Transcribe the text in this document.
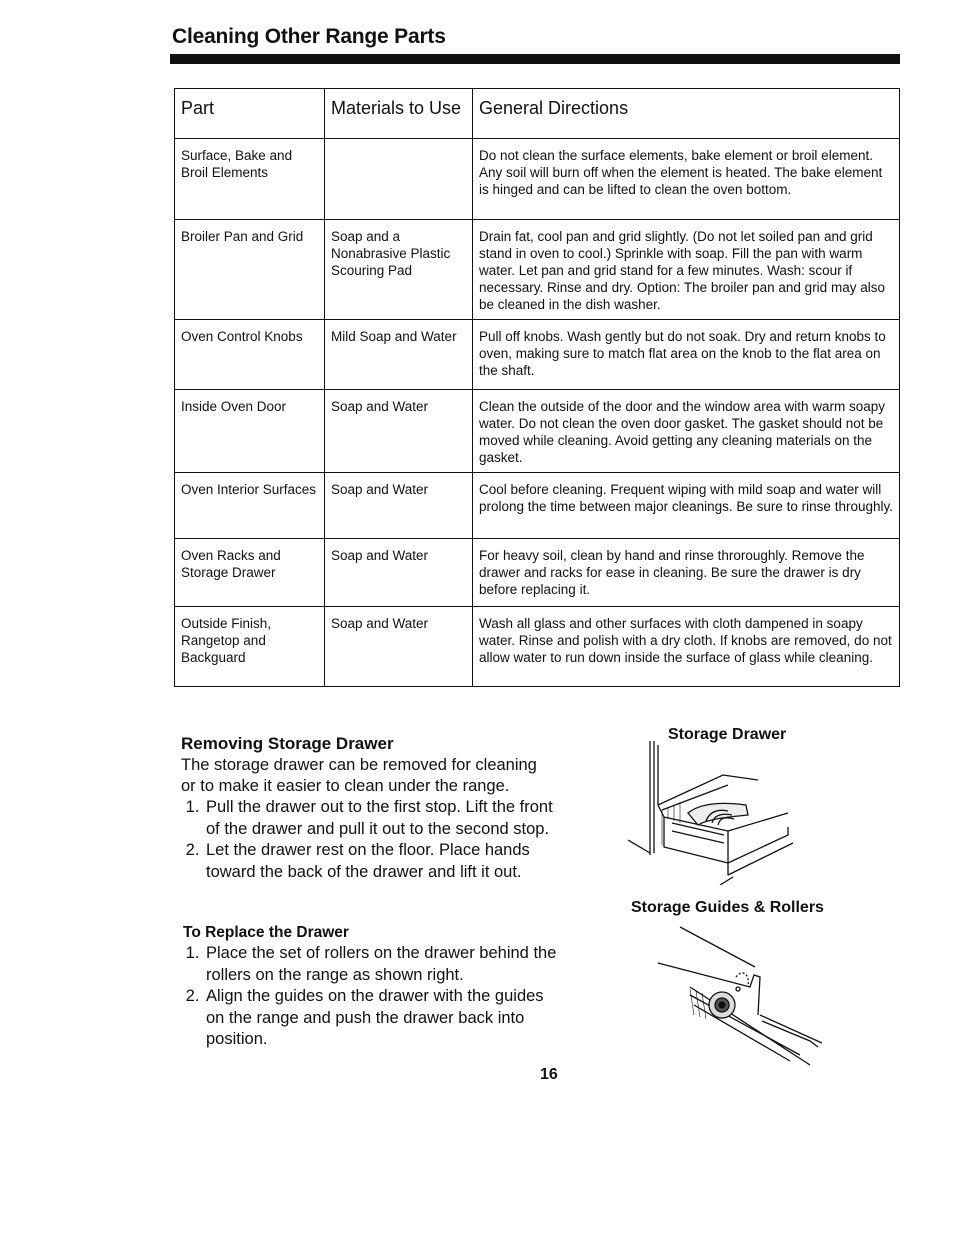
Cleaning Other Range Parts
Part	Materials to Use	General Directions
Surface, Bake and Broil Elements		Do not clean the surface elements, bake element or broil element. Any soil will burn off when the element is heated. The bake element is hinged and can be lifted to clean the oven bottom.
Broiler Pan and Grid	Soap and a Nonabrasive Plastic Scouring Pad	Drain fat, cool pan and grid slightly. (Do not let soiled pan and grid stand in oven to cool.) Sprinkle with soap. Fill the pan with warm water. Let pan and grid stand for a few minutes. Wash: scour if necessary. Rinse and dry. Option: The broiler pan and grid may also be cleaned in the dish washer.
Oven Control Knobs	Mild Soap and Water	Pull off knobs. Wash gently but do not soak. Dry and return knobs to oven, making sure to match flat area on the knob to the flat area on the shaft.
Inside Oven Door	Soap and Water	Clean the outside of the door and the window area with warm soapy water. Do not clean the oven door gasket. The gasket should not be moved while cleaning. Avoid getting any cleaning materials on the gasket.
Oven Interior Surfaces	Soap and Water	Cool before cleaning. Frequent wiping with mild soap and water will prolong the time between major cleanings. Be sure to rinse throughly.
Oven Racks and Storage Drawer	Soap and Water	For heavy soil, clean by hand and rinse throroughly. Remove the drawer and racks for ease in cleaning. Be sure the drawer is dry before replacing it.
Outside Finish, Rangetop and Backguard	Soap and Water	Wash all glass and other surfaces with cloth dampened in soapy water. Rinse and polish with a dry cloth. If knobs are removed, do not allow water to run down inside the surface of glass while cleaning.
Removing Storage Drawer
The storage drawer can be removed for cleaning or to make it easier to clean under the range.
1. Pull the drawer out to the first stop. Lift the front of the drawer and pull it out to the second stop.
2. Let the drawer rest on the floor. Place hands toward the back of the drawer and lift it out.
To Replace the Drawer
1. Place the set of rollers on the drawer behind the rollers on the range as shown right.
2. Align the guides on the drawer with the guides on the range and push the drawer back into position.
Storage Drawer
Storage Guides & Rollers
16
